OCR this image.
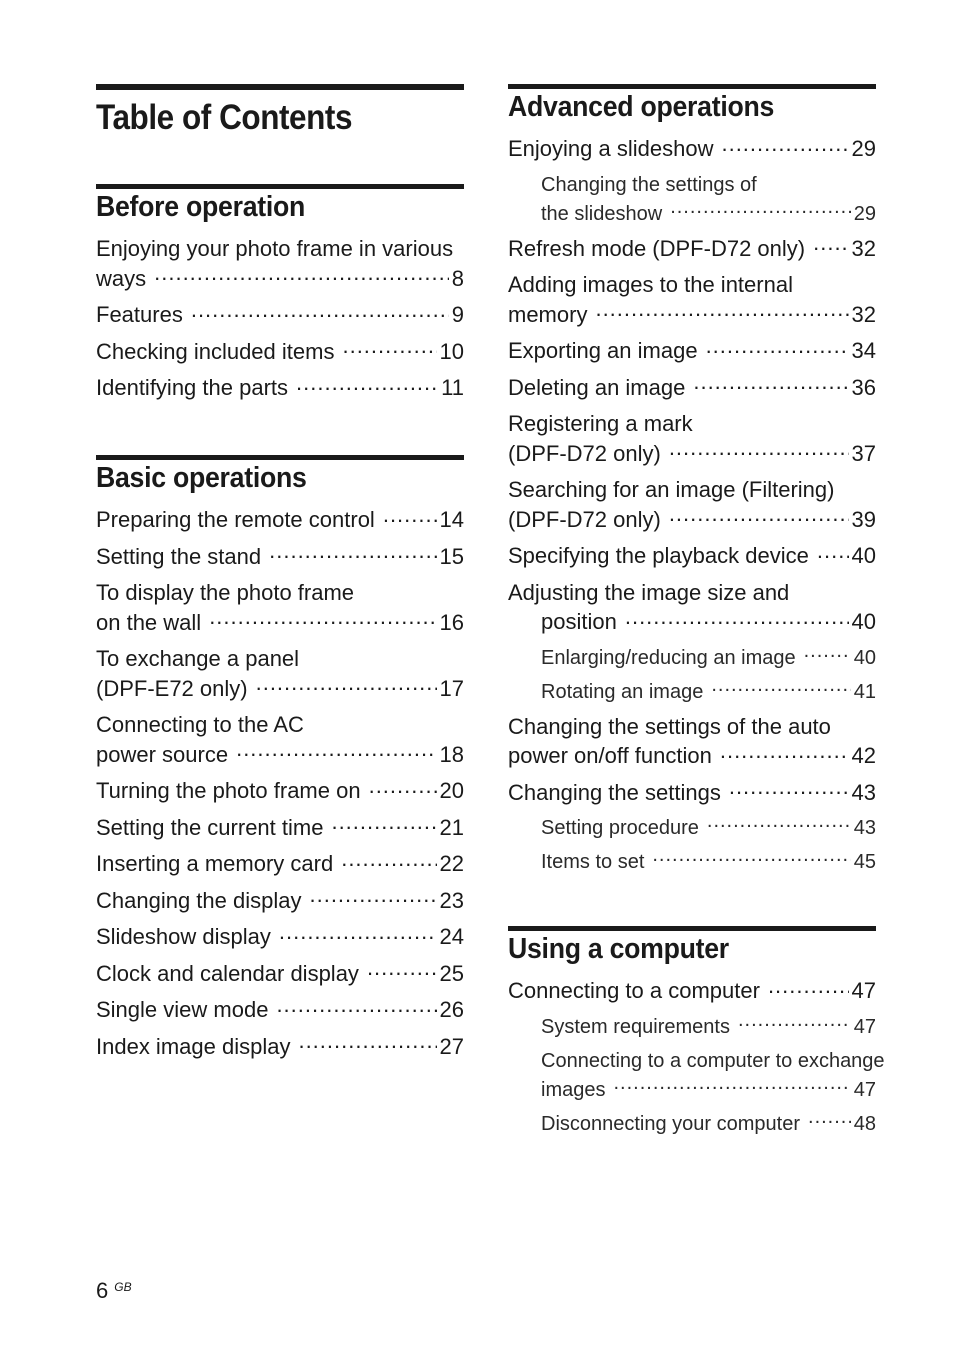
Table of Contents
Before operation
Enjoying your photo frame in various
ways .....	8
Features .....	9
Checking included items .....	10
Identifying the parts .....	11
Basic operations
Preparing the remote control .....	14
Setting the stand .....	15
To display the photo frame
on the wall .....	16
To exchange a panel
(DPF-E72 only) .....	17
Connecting to the AC
power source .....	18
Turning the photo frame on .....	20
Setting the current time .....	21
Inserting a memory card .....	22
Changing the display .....	23
Slideshow display .....	24
Clock and calendar display .....	25
Single view mode .....	26
Index image display .....	27
Advanced operations
Enjoying a slideshow .....	29
Changing the settings of
the slideshow .....	29
Refresh mode (DPF-D72 only) ..... 32
Adding images to the internal
memory .....	32
Exporting an image .....	34
Deleting an image .....	36
Registering a mark
(DPF-D72 only) .....	37
Searching for an image (Filtering)
(DPF-D72 only) .....	39
Specifying the playback device ..... 40
Adjusting the image size and
position .....	40
Enlarging/reducing an image .....	40
Rotating an image .....	41
Changing the settings of the auto
power on/off function .....	42
Changing the settings .....	43
Setting procedure .....	43
Items to set .....	45
Using a computer
Connecting to a computer .....	47
System requirements .....	47
Connecting to a computer to exchange
images .....	47
Disconnecting your computer .....	48
6 $^{GB}$
